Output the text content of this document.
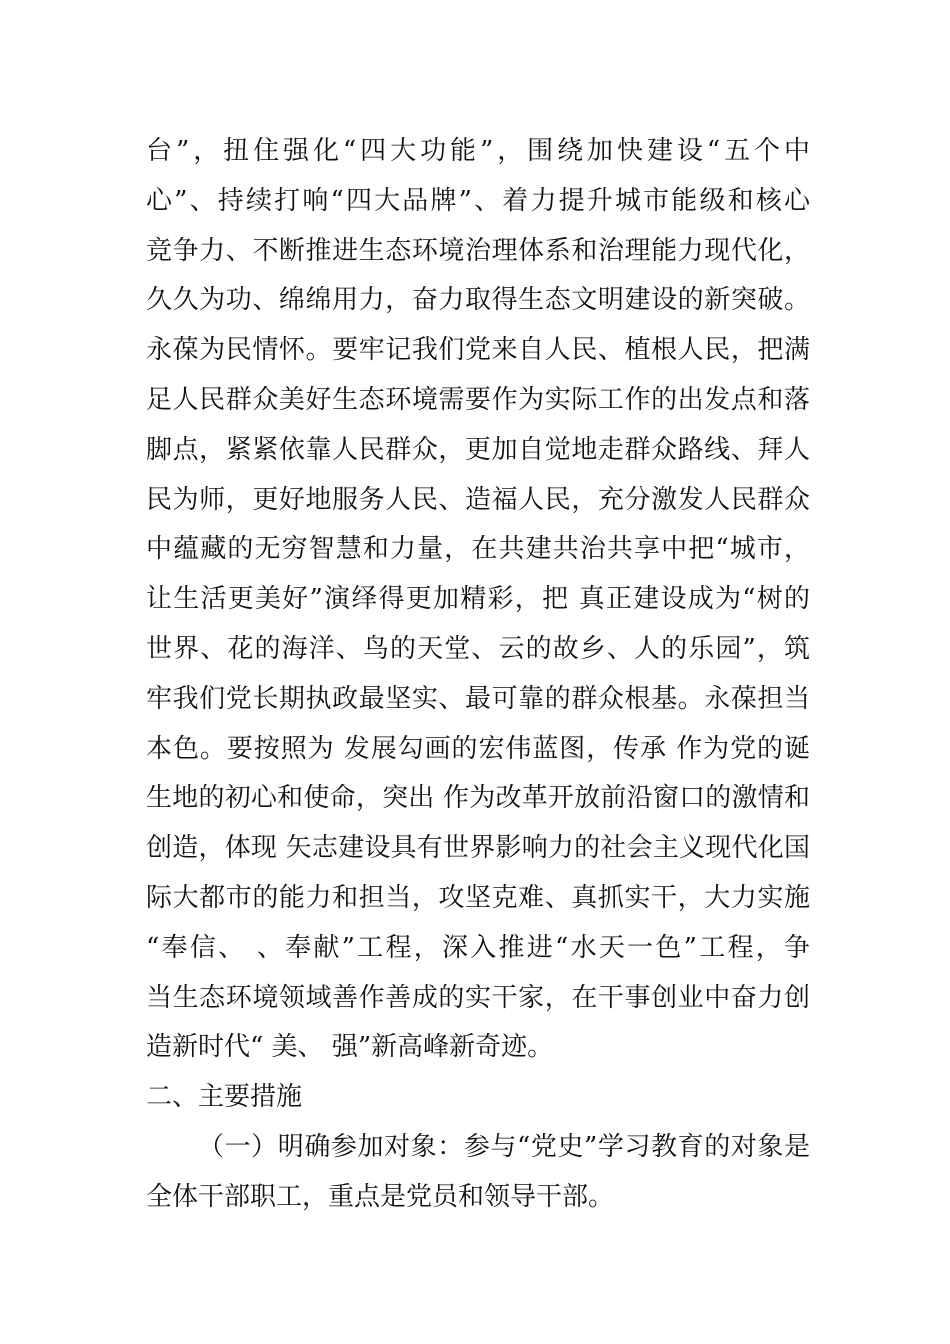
台”，扭住强化“四大功能”，围绕加快建设“五个中
心”、持续打响“四大品牌”、着力提升城市能级和核心
竞争力、不断推进生态环境治理体系和治理能力现代化，
久久为功、绵绵用力，奋力取得生态文明建设的新突破。
永葆为民情怀。要牢记我们党来自人民、植根人民，把满
足人民群众美好生态环境需要作为实际工作的出发点和落
脚点，紧紧依靠人民群众，更加自觉地走群众路线、拜人
民为师，更好地服务人民、造福人民，充分激发人民群众
中蕴藏的无穷智慧和力量，在共建共治共享中把“城市，
让生活更美好”演绎得更加精彩，把 真正建设成为“树的
世界、花的海洋、鸟的天堂、云的故乡、人的乐园”，筑
牢我们党长期执政最坚实、最可靠的群众根基。永葆担当
本色。要按照为 发展勾画的宏伟蓝图，传承 作为党的诞
生地的初心和使命，突出 作为改革开放前沿窗口的激情和
创造，体现 矢志建设具有世界影响力的社会主义现代化国
际大都市的能力和担当，攻坚克难、真抓实干，大力实施
“奉信、 、奉献”工程，深入推进“水天一色”工程，争
当生态环境领域善作善成的实干家，在干事创业中奋力创
造新时代“ 美、 强”新高峰新奇迹。
二、主要措施
（一）明确参加对象：参与“党史”学习教育的对象是
全体干部职工，重点是党员和领导干部。
